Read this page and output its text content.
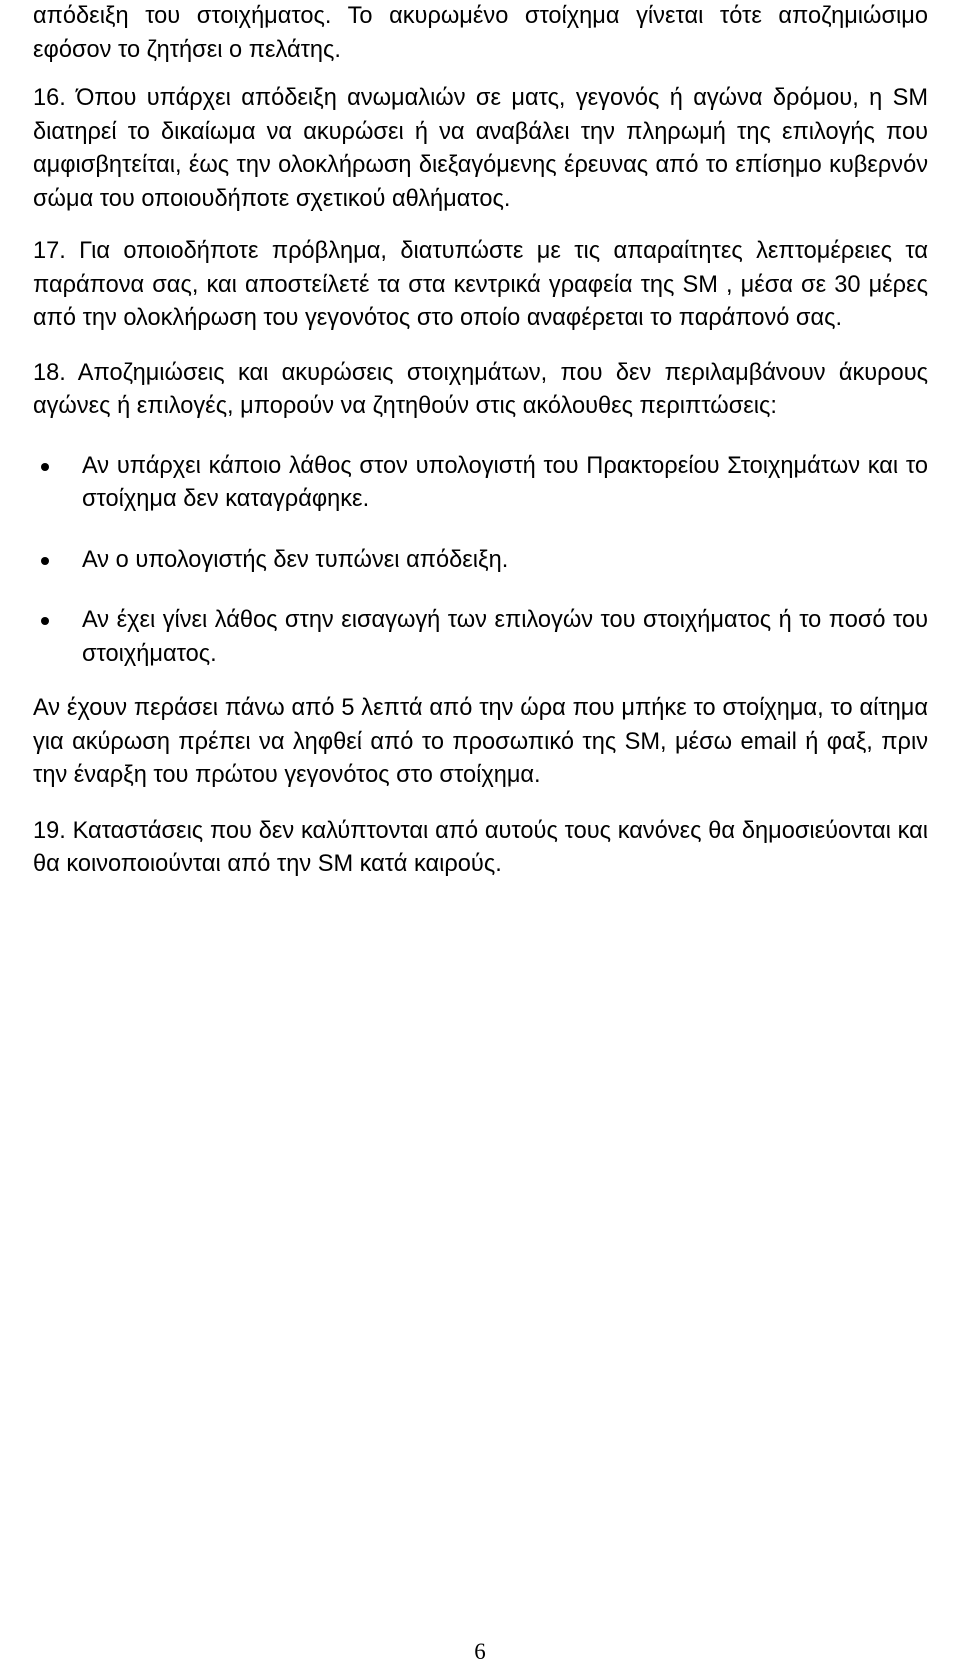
απόδειξη του στοιχήματος. Το ακυρωμένο στοίχημα γίνεται τότε αποζημιώσιμο εφόσον το ζητήσει ο πελάτης.

16. Όπου υπάρχει απόδειξη ανωμαλιών σε ματς, γεγονός ή αγώνα δρόμου, η SM διατηρεί το δικαίωμα να ακυρώσει ή να αναβάλει την πληρωμή της επιλογής που αμφισβητείται, έως την ολοκλήρωση διεξαγόμενης έρευνας από το επίσημο κυβερνόν σώμα του οποιουδήποτε σχετικού αθλήματος.

17. Για οποιοδήποτε πρόβλημα, διατυπώστε με τις απαραίτητες λεπτομέρειες τα παράπονα σας, και αποστείλετέ τα στα κεντρικά γραφεία της SM , μέσα σε 30 μέρες από την ολοκλήρωση του γεγονότος στο οποίο αναφέρεται το παράπονό σας.

18. Αποζημιώσεις και ακυρώσεις στοιχημάτων, που δεν περιλαμβάνουν άκυρους αγώνες ή επιλογές, μπορούν να ζητηθούν στις ακόλουθες περιπτώσεις:

Αν υπάρχει κάποιο λάθος στον υπολογιστή του Πρακτορείου Στοιχημάτων και το στοίχημα δεν καταγράφηκε.
Αν ο υπολογιστής δεν τυπώνει απόδειξη.
Αν έχει γίνει λάθος στην εισαγωγή των επιλογών του στοιχήματος ή το ποσό του στοιχήματος.

Αν έχουν περάσει πάνω από 5 λεπτά από την ώρα που μπήκε το στοίχημα, το αίτημα για ακύρωση πρέπει να ληφθεί από το προσωπικό της SM, μέσω email ή φαξ, πριν την έναρξη του πρώτου γεγονότος στο στοίχημα.

19. Καταστάσεις που δεν καλύπτονται από αυτούς τους κανόνες θα δημοσιεύονται και θα κοινοποιούνται από την SM κατά καιρούς.

6
